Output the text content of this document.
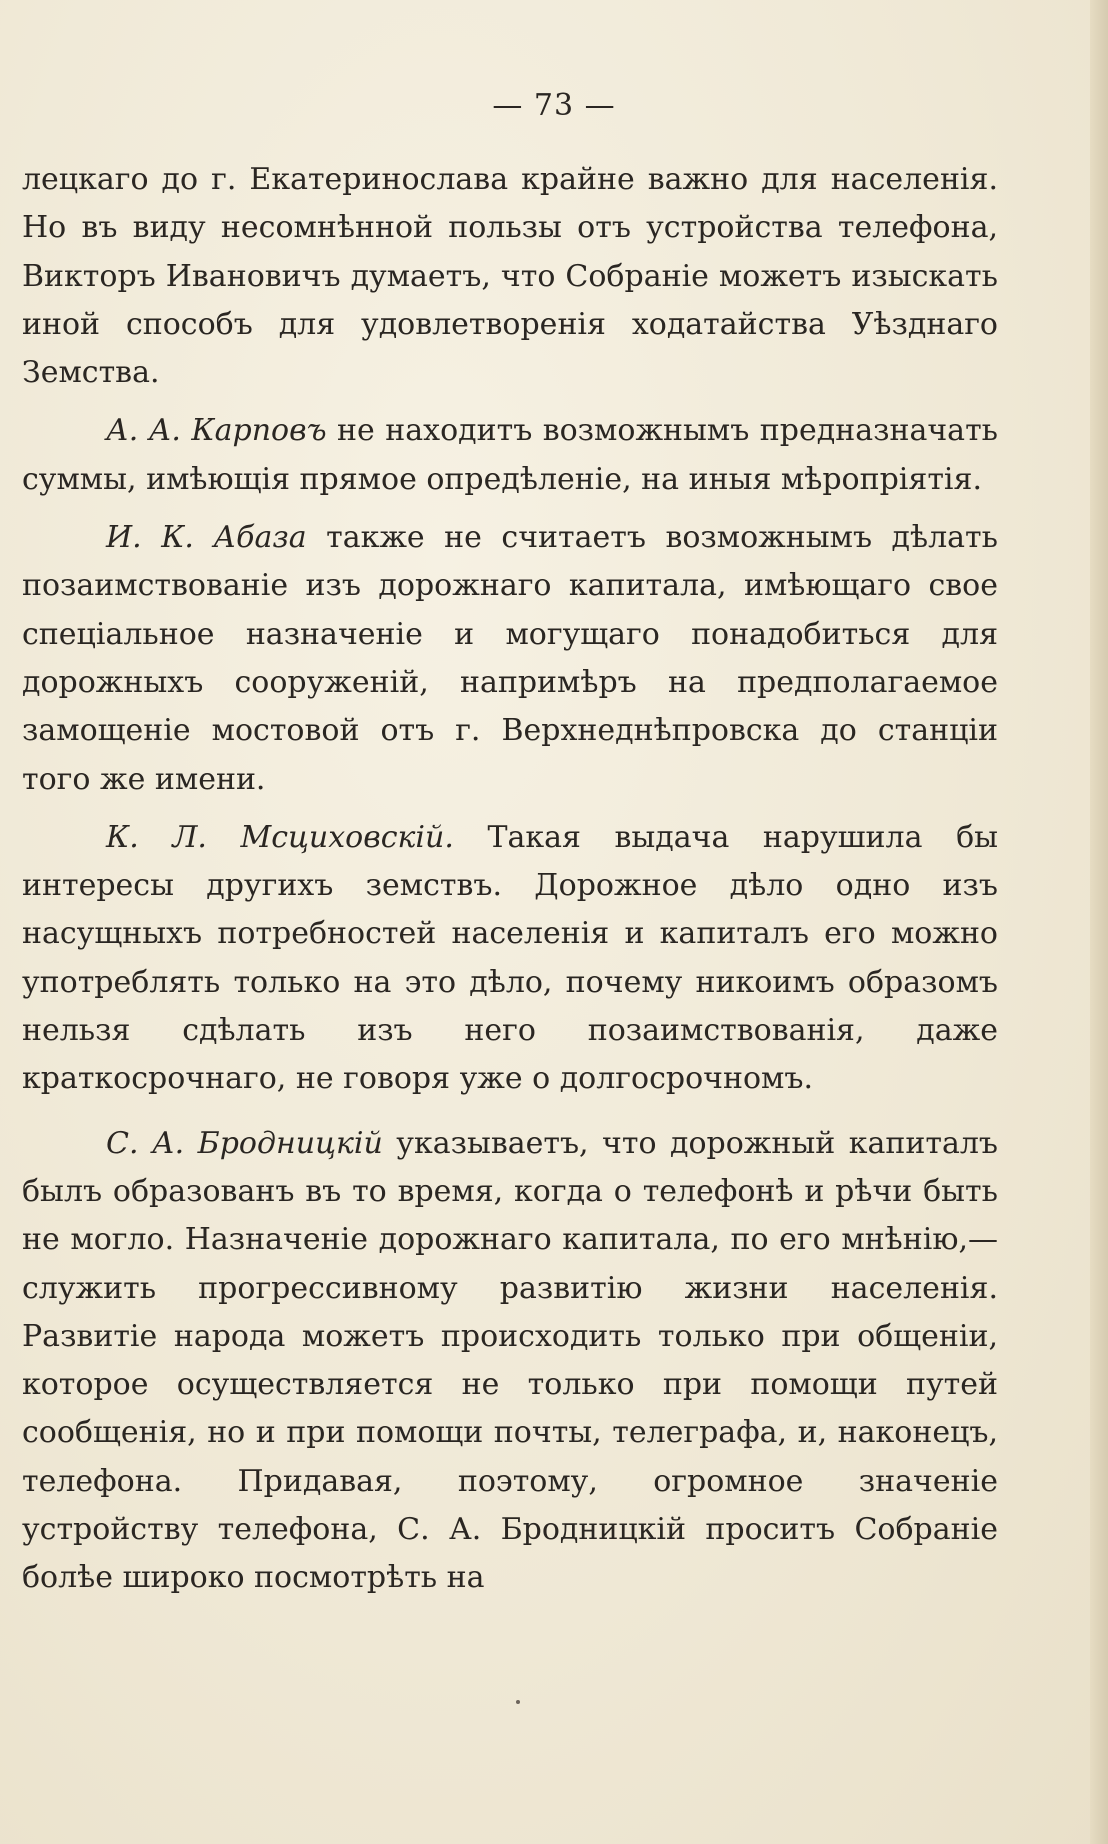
— 73 —

лецкаго до г. Екатеринослава крайне важно для населенія. Но въ виду несомнѣнной пользы отъ устройства телефона, Викторъ Ивановичъ думаетъ, что Собраніе можетъ изыскать иной способъ для удовлетворенія ходатайства Уѣзднаго Земства.

А. А. Карповъ не находитъ возможнымъ предназначать суммы, имѣющія прямое опредѣленіе, на иныя мѣропріятія.

И. К. Абаза также не считаетъ возможнымъ дѣлать позаимствованіе изъ дорожнаго капитала, имѣющаго свое спеціальное назначеніе и могущаго понадобиться для дорожныхъ сооруженій, напримѣръ на предполагаемое замощеніе мостовой отъ г. Верхнеднѣпровска до станціи того же имени.

К. Л. Мсциховскій. Такая выдача нарушила бы интересы другихъ земствъ. Дорожное дѣло одно изъ насущныхъ потребностей населенія и капиталъ его можно употреблять только на это дѣло, почему никоимъ образомъ нельзя сдѣлать изъ него позаимствованія, даже краткосрочнаго, не говоря уже о долгосрочномъ.

С. А. Бродницкій указываетъ, что дорожный капиталъ былъ образованъ въ то время, когда о телефонѣ и рѣчи быть не могло. Назначеніе дорожнаго капитала, по его мнѣнію,—служить прогрессивному развитію жизни населенія. Развитіе народа можетъ происходить только при общеніи, которое осуществляется не только при помощи путей сообщенія, но и при помощи почты, телеграфа, и, наконецъ, телефона. Придавая, поэтому, огромное значеніе устройству телефона, С. А. Бродницкій проситъ Собраніе болѣе широко посмотрѣть на
